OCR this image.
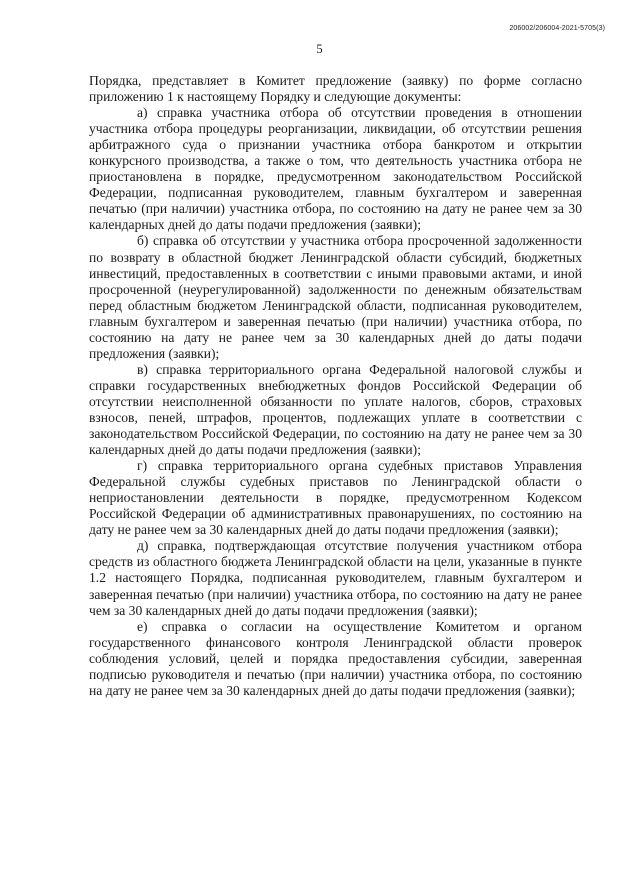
206002/206004-2021-5705(3)
5

Порядка, представляет в Комитет предложение (заявку) по форме согласно приложению 1 к настоящему Порядку и следующие документы:

а) справка участника отбора об отсутствии проведения в отношении участника отбора процедуры реорганизации, ликвидации, об отсутствии решения арбитражного суда о признании участника отбора банкротом и открытии конкурсного производства, а также о том, что деятельность участника отбора не приостановлена в порядке, предусмотренном законодательством Российской Федерации, подписанная руководителем, главным бухгалтером и заверенная печатью (при наличии) участника отбора, по состоянию на дату не ранее чем за 30 календарных дней до даты подачи предложения (заявки);

б) справка об отсутствии у участника отбора просроченной задолженности по возврату в областной бюджет Ленинградской области субсидий, бюджетных инвестиций, предоставленных в соответствии с иными правовыми актами, и иной просроченной (неурегулированной) задолженности по денежным обязательствам перед областным бюджетом Ленинградской области, подписанная руководителем, главным бухгалтером и заверенная печатью (при наличии) участника отбора, по состоянию на дату не ранее чем за 30 календарных дней до даты подачи предложения (заявки);

в) справка территориального органа Федеральной налоговой службы и справки государственных внебюджетных фондов Российской Федерации об отсутствии неисполненной обязанности по уплате налогов, сборов, страховых взносов, пеней, штрафов, процентов, подлежащих уплате в соответствии с законодательством Российской Федерации, по состоянию на дату не ранее чем за 30 календарных дней до даты подачи предложения (заявки);

г) справка территориального органа судебных приставов Управления Федеральной службы судебных приставов по Ленинградской области о неприостановлении деятельности в порядке, предусмотренном Кодексом Российской Федерации об административных правонарушениях, по состоянию на дату не ранее чем за 30 календарных дней до даты подачи предложения (заявки);

д) справка, подтверждающая отсутствие получения участником отбора средств из областного бюджета Ленинградской области на цели, указанные в пункте 1.2 настоящего Порядка, подписанная руководителем, главным бухгалтером и заверенная печатью (при наличии) участника отбора, по состоянию на дату не ранее чем за 30 календарных дней до даты подачи предложения (заявки);

е) справка о согласии на осуществление Комитетом и органом государственного финансового контроля Ленинградской области проверок соблюдения условий, целей и порядка предоставления субсидии, заверенная подписью руководителя и печатью (при наличии) участника отбора, по состоянию на дату не ранее чем за 30 календарных дней до даты подачи предложения (заявки);
